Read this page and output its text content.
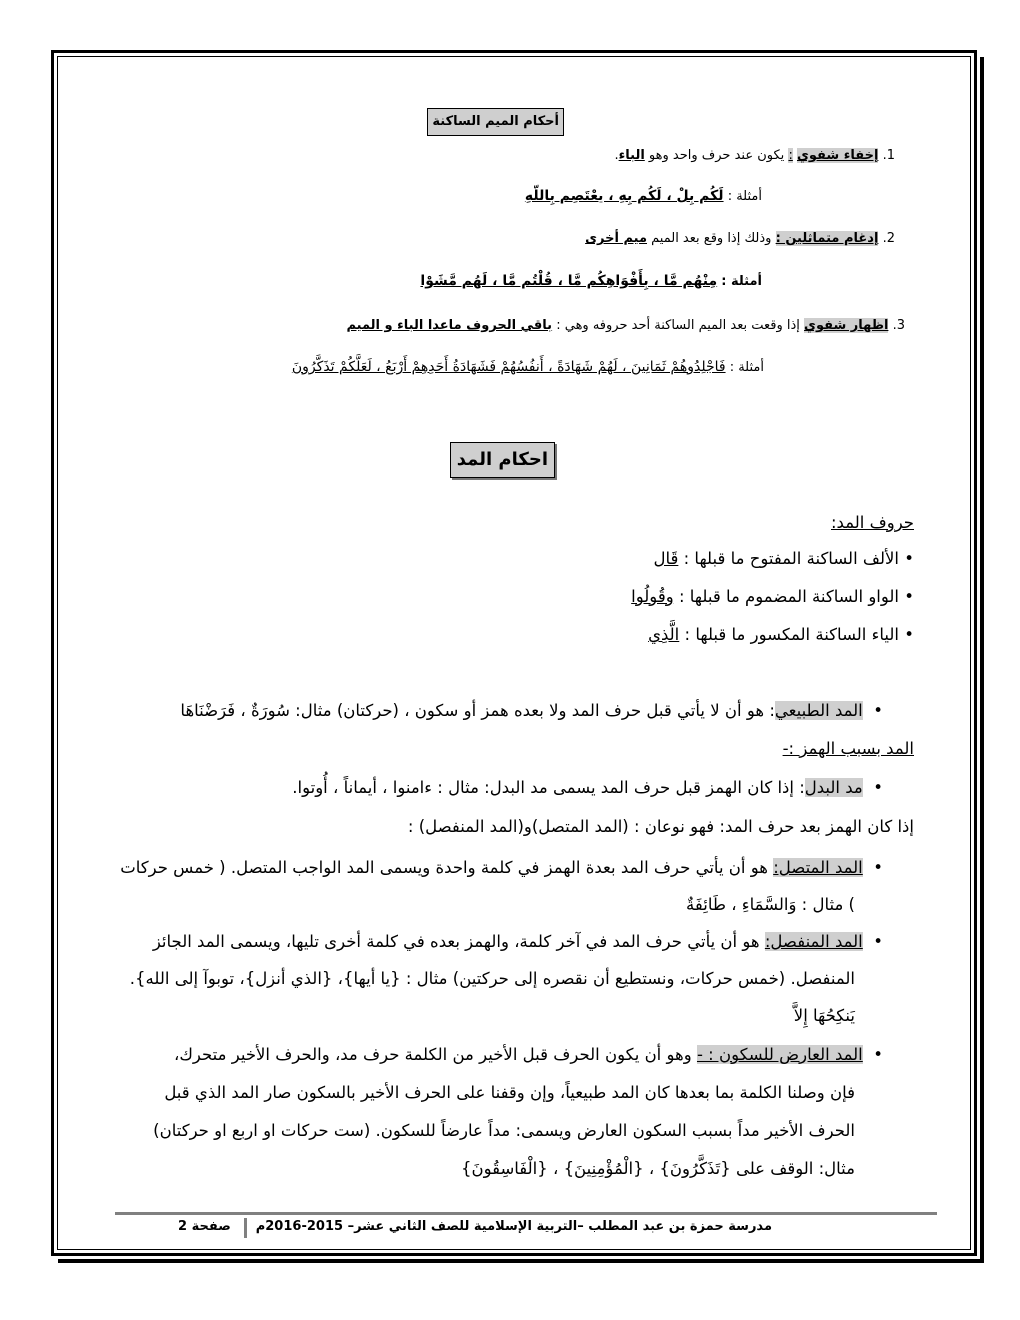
أحكام الميم الساكنة
1. إخفاء شفوي : يكون عند حرف واحد وهو الباء.
أمثلة : لَكُم بِلْ ، لَكُم بِهِ ، يعْتَصِم بِاللّهِ
2. إدغام متماثلين : وذلك إذا وقع بعد الميم ميم أخرى
أمثلة : مِنْهُم مَّا ، بِأَفْوَاهِكُم مَّا ، قُلْتُم مَّا ، لَهُم مَّشَوْا
3. اظهار شفوي إذا وقعت بعد الميم الساكنة أحد حروفه وهي : باقي الحروف ماعدا الباء و الميم
أمثلة : فَاجْلِدُوهُمْ ثَمَانِينَ ، لَهُمْ شَهَادَةً ، أَنفُسُهُمْ فَشَهَادَةُ أَحَدِهِمْ أَرْبَعُ ، لَعَلَّكُمْ تَذَكَّرُونَ
احكام المد
حروف المد:
• الألف الساكنة المفتوح ما قبلها : قَال
• الواو الساكنة المضموم ما قبلها : وقُولُوا
• الياء الساكنة المكسور ما قبلها : الَّذِي
•   المد الطبيعي: هو أن لا يأتي قبل حرف المد ولا بعده همز أو سكون ، (حركتان) مثال: سُورَةٌ ، فَرَضْنَاهَا
المد بسبب الهمز :-
•   مد البدل: إذا كان الهمز قبل حرف المد يسمى مد البدل: مثال : ءامنوا ، أيماناً ، أُوتوا.
إذا كان الهمز بعد حرف المد: فهو نوعان : (المد المتصل)و(المد المنفصل) :
•   المد المتصل: هو أن يأتي حرف المد بعدة الهمز في كلمة واحدة ويسمى المد الواجب المتصل. ( خمس حركات
) مثال : وَالسَّمَاءِ ، طَائِفَةٌ
•   المد المنفصل: هو أن يأتي حرف المد في آخر كلمة، والهمز بعده في كلمة أخرى تليها، ويسمى المد الجائز
المنفصل. (خمس حركات، ونستطيع أن نقصره إلى حركتين) مثال : {يا أيها}، {الذي أنزل}، توبوآ إلى الله}.
يَنكِحُهَا إِلاَّ
•   المد العارض للسكون : - وهو أن يكون الحرف قبل الأخير من الكلمة حرف مد، والحرف الأخير متحرك،
فإن وصلنا الكلمة بما بعدها كان المد طبيعياً، وإن وقفنا على الحرف الأخير بالسكون صار المد الذي قبل
الحرف الأخير مداً بسبب السكون العارض ويسمى: مداً عارضاً للسكون. (ست حركات او اربع او حركتان)
مثال: الوقف على {تَذَكَّرُونَ} ، {الْمُؤْمِنِينَ} ، {الْفَاسِقُونَ}
مدرسة حمزة بن عبد المطلب –التربية الإسلامية للصف الثاني عشر– 2015-2016م
صفحة 2
